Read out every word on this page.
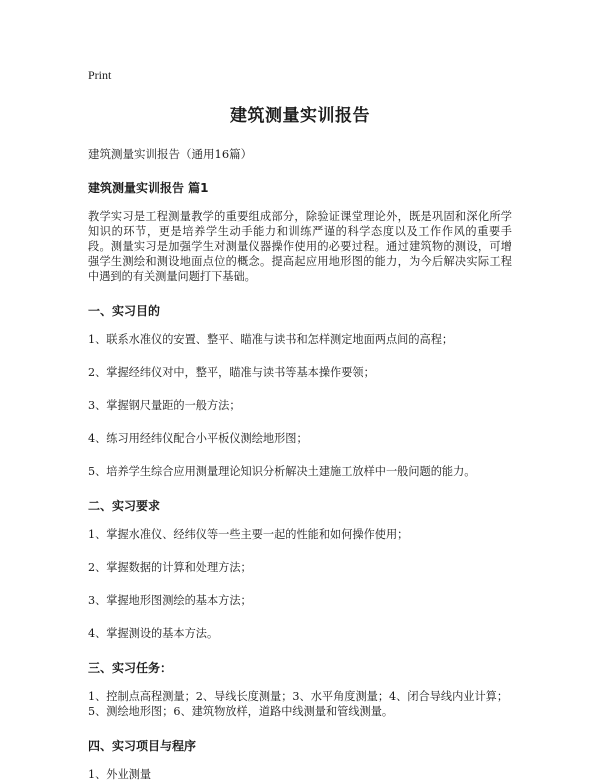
Print
建筑测量实训报告
建筑测量实训报告（通用16篇）
建筑测量实训报告 篇1
教学实习是工程测量教学的重要组成部分，除验证课堂理论外，既是巩固和深化所学知识的环节，更是培养学生动手能力和训练严谨的科学态度以及工作作风的重要手段。测量实习是加强学生对测量仪器操作使用的必要过程。通过建筑物的测设，可增强学生测绘和测设地面点位的概念。提高起应用地形图的能力，为今后解决实际工程中遇到的有关测量问题打下基础。
一、实习目的
1、联系水准仪的安置、整平、瞄准与读书和怎样测定地面两点间的高程；
2、掌握经纬仪对中，整平，瞄准与读书等基本操作要领；
3、掌握钢尺量距的一般方法；
4、练习用经纬仪配合小平板仪测绘地形图；
5、培养学生综合应用测量理论知识分析解决土建施工放样中一般问题的能力。
二、实习要求
1、掌握水准仪、经纬仪等一些主要一起的性能和如何操作使用；
2、掌握数据的计算和处理方法；
3、掌握地形图测绘的基本方法；
4、掌握测设的基本方法。
三、实习任务：
1、控制点高程测量；2、导线长度测量；3、水平角度测量；4、闭合导线内业计算；5、测绘地形图；6、建筑物放样，道路中线测量和管线测量。
四、实习项目与程序
1、外业测量
